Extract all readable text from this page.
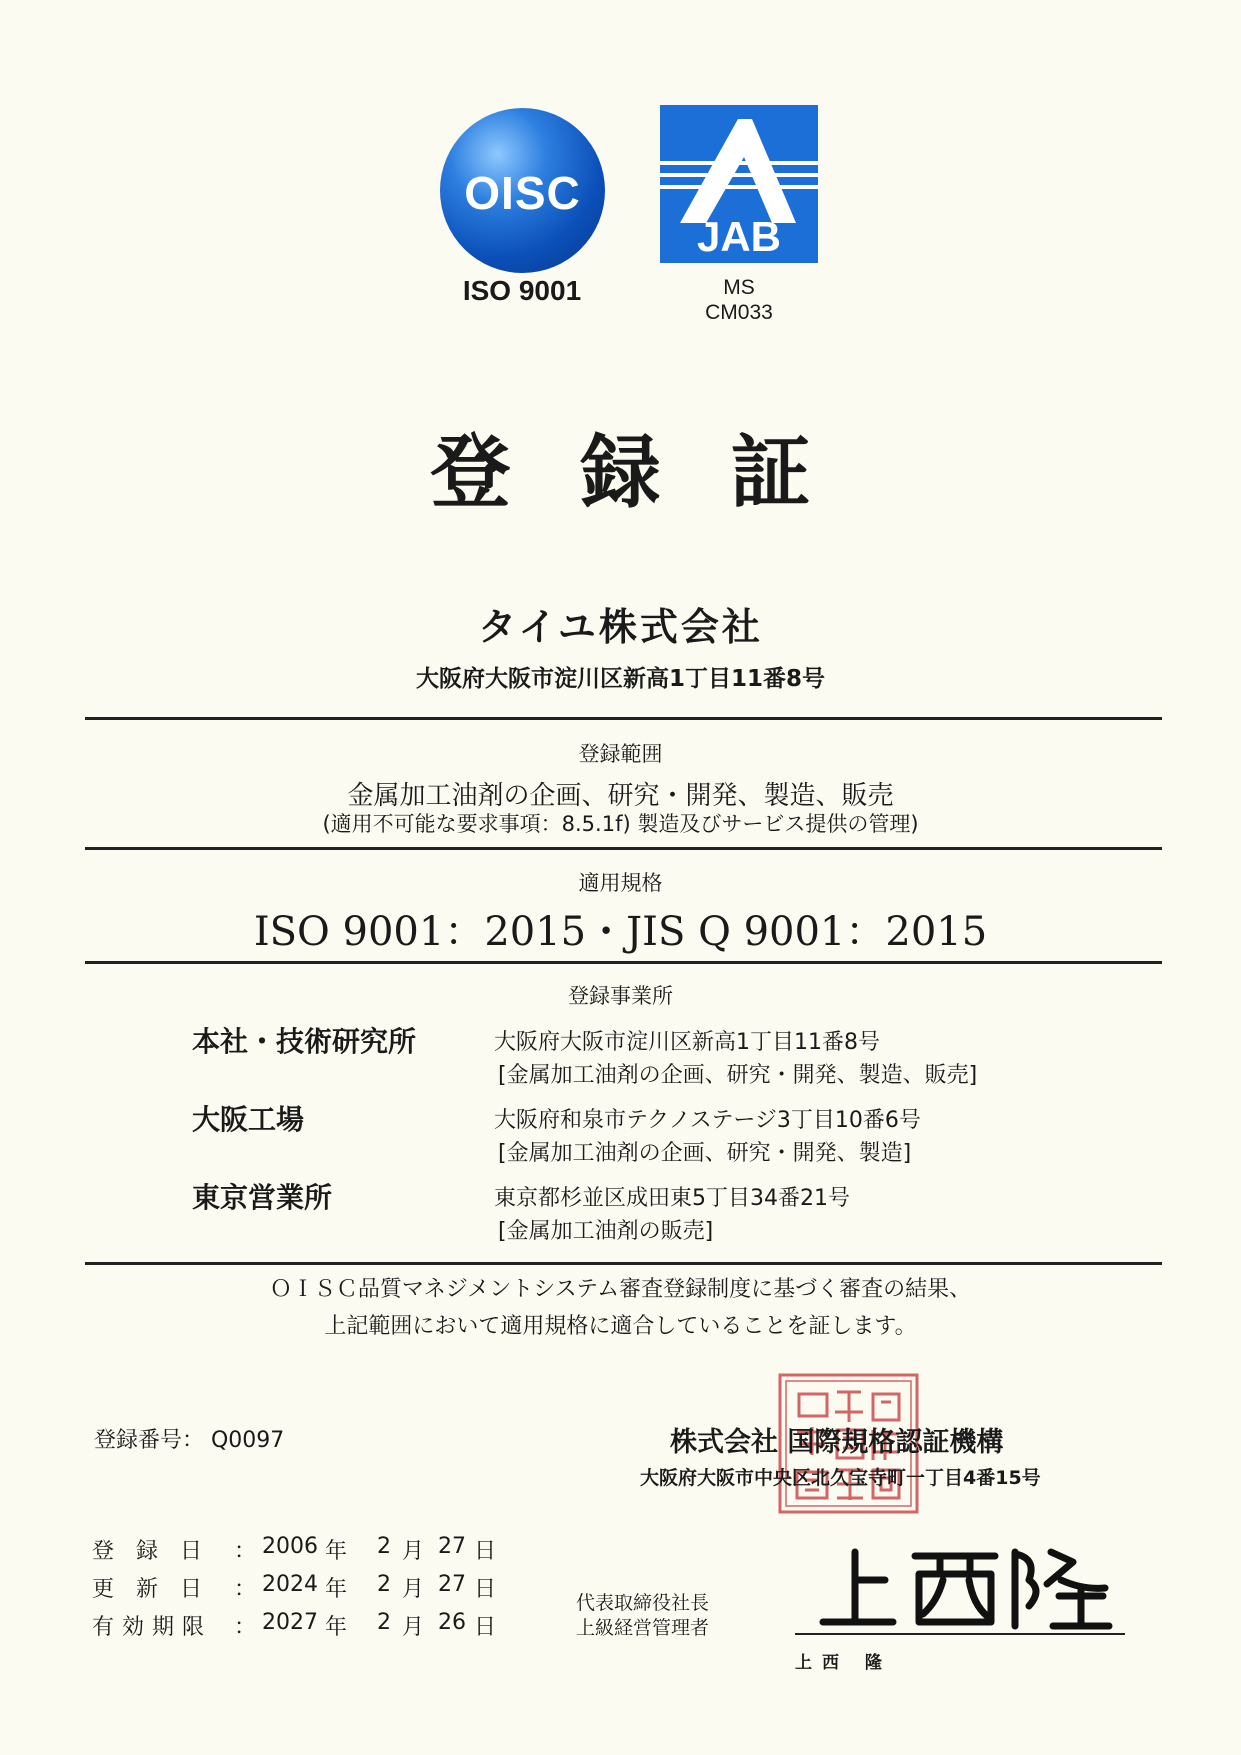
OISC
ISO 9001
JAB
MS
CM033
登録証
タイユ株式会社
大阪府大阪市淀川区新高1丁目11番8号
登録範囲
金属加工油剤の企画、研究・開発、製造、販売
(適用不可能な要求事項：8.5.1f) 製造及びサービス提供の管理)
適用規格
ISO 9001：2015・JIS Q 9001：2015
登録事業所
本社・技術研究所	大阪府大阪市淀川区新高1丁目11番8号
[金属加工油剤の企画、研究・開発、製造、販売]
大阪工場	大阪府和泉市テクノステージ3丁目10番6号
[金属加工油剤の企画、研究・開発、製造]
東京営業所	東京都杉並区成田東5丁目34番21号
[金属加工油剤の販売]
ＯＩＳＣ品質マネジメントシステム審査登録制度に基づく審査の結果、
上記範囲において適用規格に適合していることを証します。
登録番号： Q0097	株式会社 国際規格認証機構
大阪府大阪市中央区北久宝寺町一丁目4番15号
登　録　日 ： 2006 年 2 月 27 日
更　新　日 ： 2024 年 2 月 27 日
有効期限 ： 2027 年 2 月 26 日
代表取締役社長
上級経営管理者
上西 隆
